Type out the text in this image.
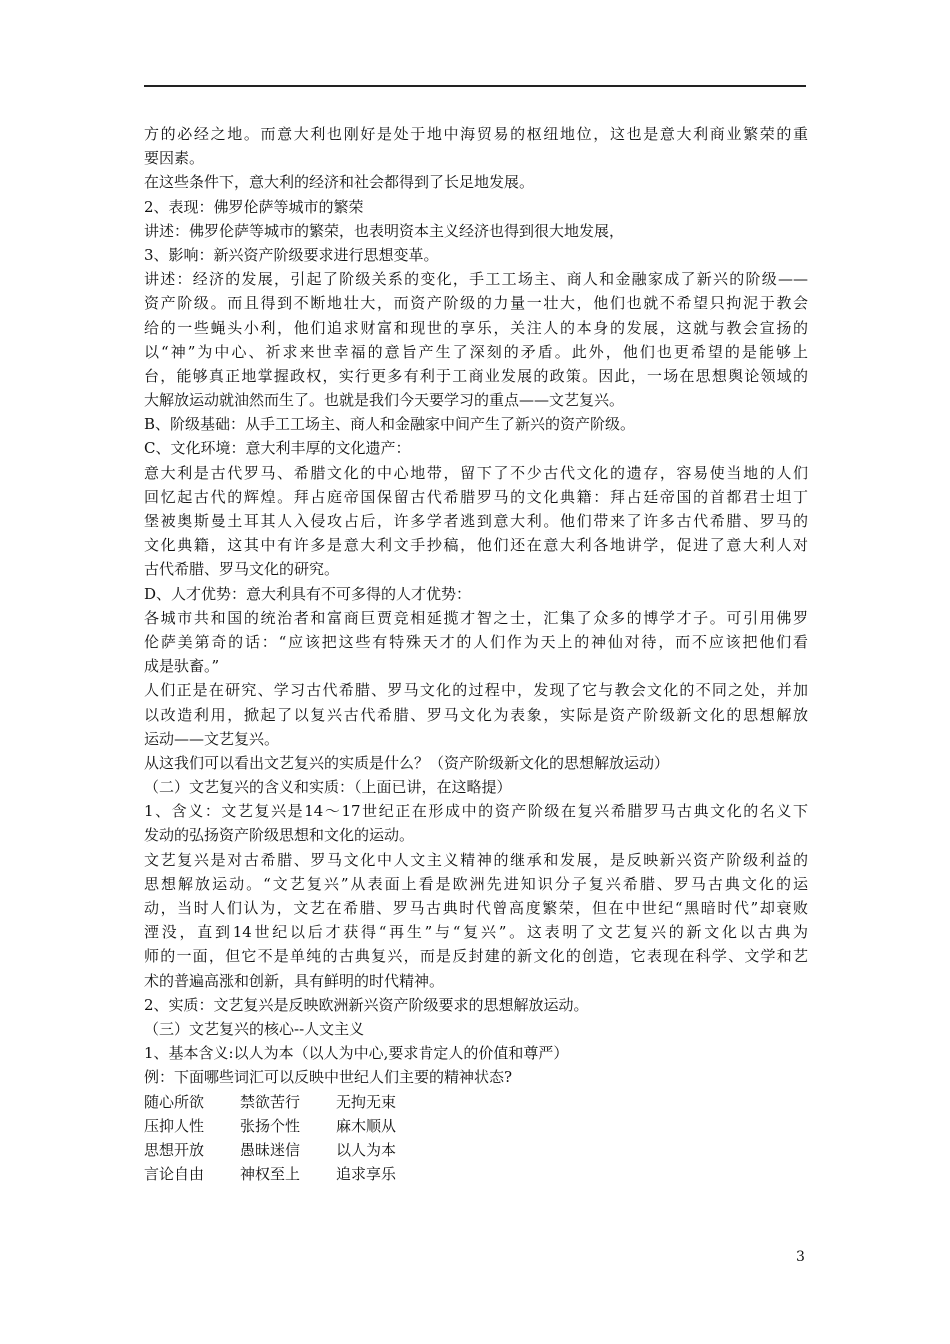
方的必经之地。而意大利也刚好是处于地中海贸易的枢纽地位，这也是意大利商业繁荣的重
要因素。
在这些条件下，意大利的经济和社会都得到了长足地发展。
2、表现：佛罗伦萨等城市的繁荣
讲述：佛罗伦萨等城市的繁荣，也表明资本主义经济也得到很大地发展，
3、影响：新兴资产阶级要求进行思想变革。
讲述：经济的发展，引起了阶级关系的变化，手工工场主、商人和金融家成了新兴的阶级——
资产阶级。而且得到不断地壮大，而资产阶级的力量一壮大，他们也就不希望只拘泥于教会
给的一些蝇头小利，他们追求财富和现世的享乐，关注人的本身的发展，这就与教会宣扬的
以“神”为中心、祈求来世幸福的意旨产生了深刻的矛盾。此外，他们也更希望的是能够上
台，能够真正地掌握政权，实行更多有利于工商业发展的政策。因此，一场在思想舆论领域的
大解放运动就油然而生了。也就是我们今天要学习的重点——文艺复兴。
B、阶级基础：从手工工场主、商人和金融家中间产生了新兴的资产阶级。
C、文化环境：意大利丰厚的文化遗产：
意大利是古代罗马、希腊文化的中心地带，留下了不少古代文化的遗存，容易使当地的人们
回忆起古代的辉煌。拜占庭帝国保留古代希腊罗马的文化典籍：拜占廷帝国的首都君士坦丁
堡被奥斯曼土耳其人入侵攻占后，许多学者逃到意大利。他们带来了许多古代希腊、罗马的
文化典籍，这其中有许多是意大利文手抄稿，他们还在意大利各地讲学，促进了意大利人对
古代希腊、罗马文化的研究。
D、人才优势：意大利具有不可多得的人才优势：
各城市共和国的统治者和富商巨贾竞相延揽才智之士，汇集了众多的博学才子。可引用佛罗
伦萨美第奇的话：“应该把这些有特殊天才的人们作为天上的神仙对待，而不应该把他们看
成是驮畜。”
人们正是在研究、学习古代希腊、罗马文化的过程中，发现了它与教会文化的不同之处，并加
以改造利用，掀起了以复兴古代希腊、罗马文化为表象，实际是资产阶级新文化的思想解放
运动——文艺复兴。
从这我们可以看出文艺复兴的实质是什么？（资产阶级新文化的思想解放运动）
（二）文艺复兴的含义和实质：（上面已讲，在这略提）
1、含义：文艺复兴是14～17世纪正在形成中的资产阶级在复兴希腊罗马古典文化的名义下
发动的弘扬资产阶级思想和文化的运动。
文艺复兴是对古希腊、罗马文化中人文主义精神的继承和发展，是反映新兴资产阶级利益的
思想解放运动。“文艺复兴”从表面上看是欧洲先进知识分子复兴希腊、罗马古典文化的运
动，当时人们认为，文艺在希腊、罗马古典时代曾高度繁荣，但在中世纪“黑暗时代”却衰败
湮没，直到14世纪以后才获得“再生”与“复兴”。这表明了文艺复兴的新文化以古典为
师的一面，但它不是单纯的古典复兴，而是反封建的新文化的创造，它表现在科学、文学和艺
术的普遍高涨和创新，具有鲜明的时代精神。
2、实质：文艺复兴是反映欧洲新兴资产阶级要求的思想解放运动。
（三）文艺复兴的核心--人文主义
1、基本含义:以人为本（以人为中心,要求肯定人的价值和尊严）
例：下面哪些词汇可以反映中世纪人们主要的精神状态?
随心所欲	禁欲苦行	无拘无束
压抑人性	张扬个性	麻木顺从
思想开放	愚昧迷信	以人为本
言论自由	神权至上	追求享乐
3
